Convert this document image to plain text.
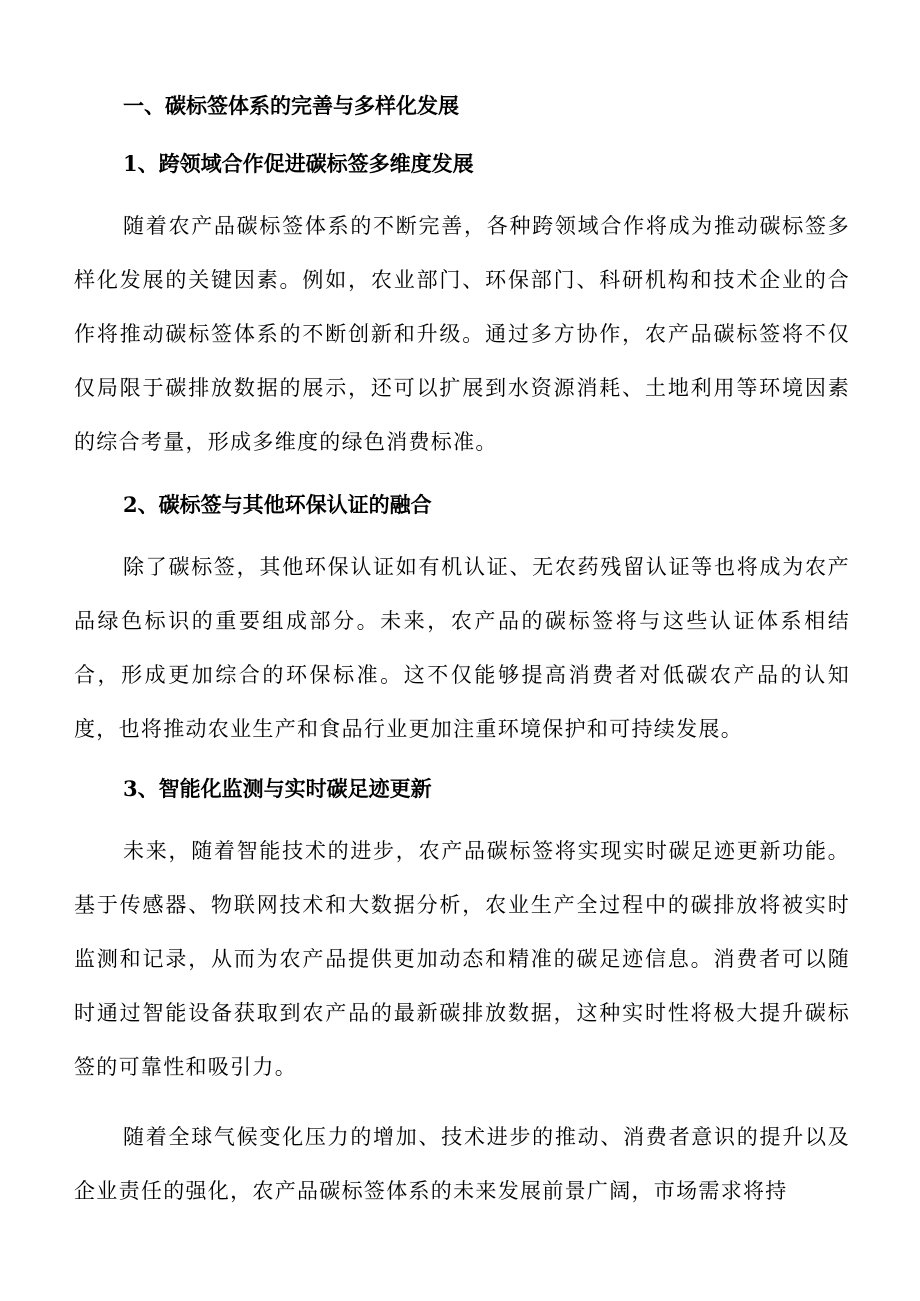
一、碳标签体系的完善与多样化发展
1、跨领域合作促进碳标签多维度发展

随着农产品碳标签体系的不断完善，各种跨领域合作将成为推动碳标签多样化发展的关键因素。例如，农业部门、环保部门、科研机构和技术企业的合作将推动碳标签体系的不断创新和升级。通过多方协作，农产品碳标签将不仅仅局限于碳排放数据的展示，还可以扩展到水资源消耗、土地利用等环境因素的综合考量，形成多维度的绿色消费标准。

2、碳标签与其他环保认证的融合

除了碳标签，其他环保认证如有机认证、无农药残留认证等也将成为农产品绿色标识的重要组成部分。未来，农产品的碳标签将与这些认证体系相结合，形成更加综合的环保标准。这不仅能够提高消费者对低碳农产品的认知度，也将推动农业生产和食品行业更加注重环境保护和可持续发展。

3、智能化监测与实时碳足迹更新

未来，随着智能技术的进步，农产品碳标签将实现实时碳足迹更新功能。基于传感器、物联网技术和大数据分析，农业生产全过程中的碳排放将被实时监测和记录，从而为农产品提供更加动态和精准的碳足迹信息。消费者可以随时通过智能设备获取到农产品的最新碳排放数据，这种实时性将极大提升碳标签的可靠性和吸引力。

随着全球气候变化压力的增加、技术进步的推动、消费者意识的提升以及企业责任的强化，农产品碳标签体系的未来发展前景广阔，市场需求将持
